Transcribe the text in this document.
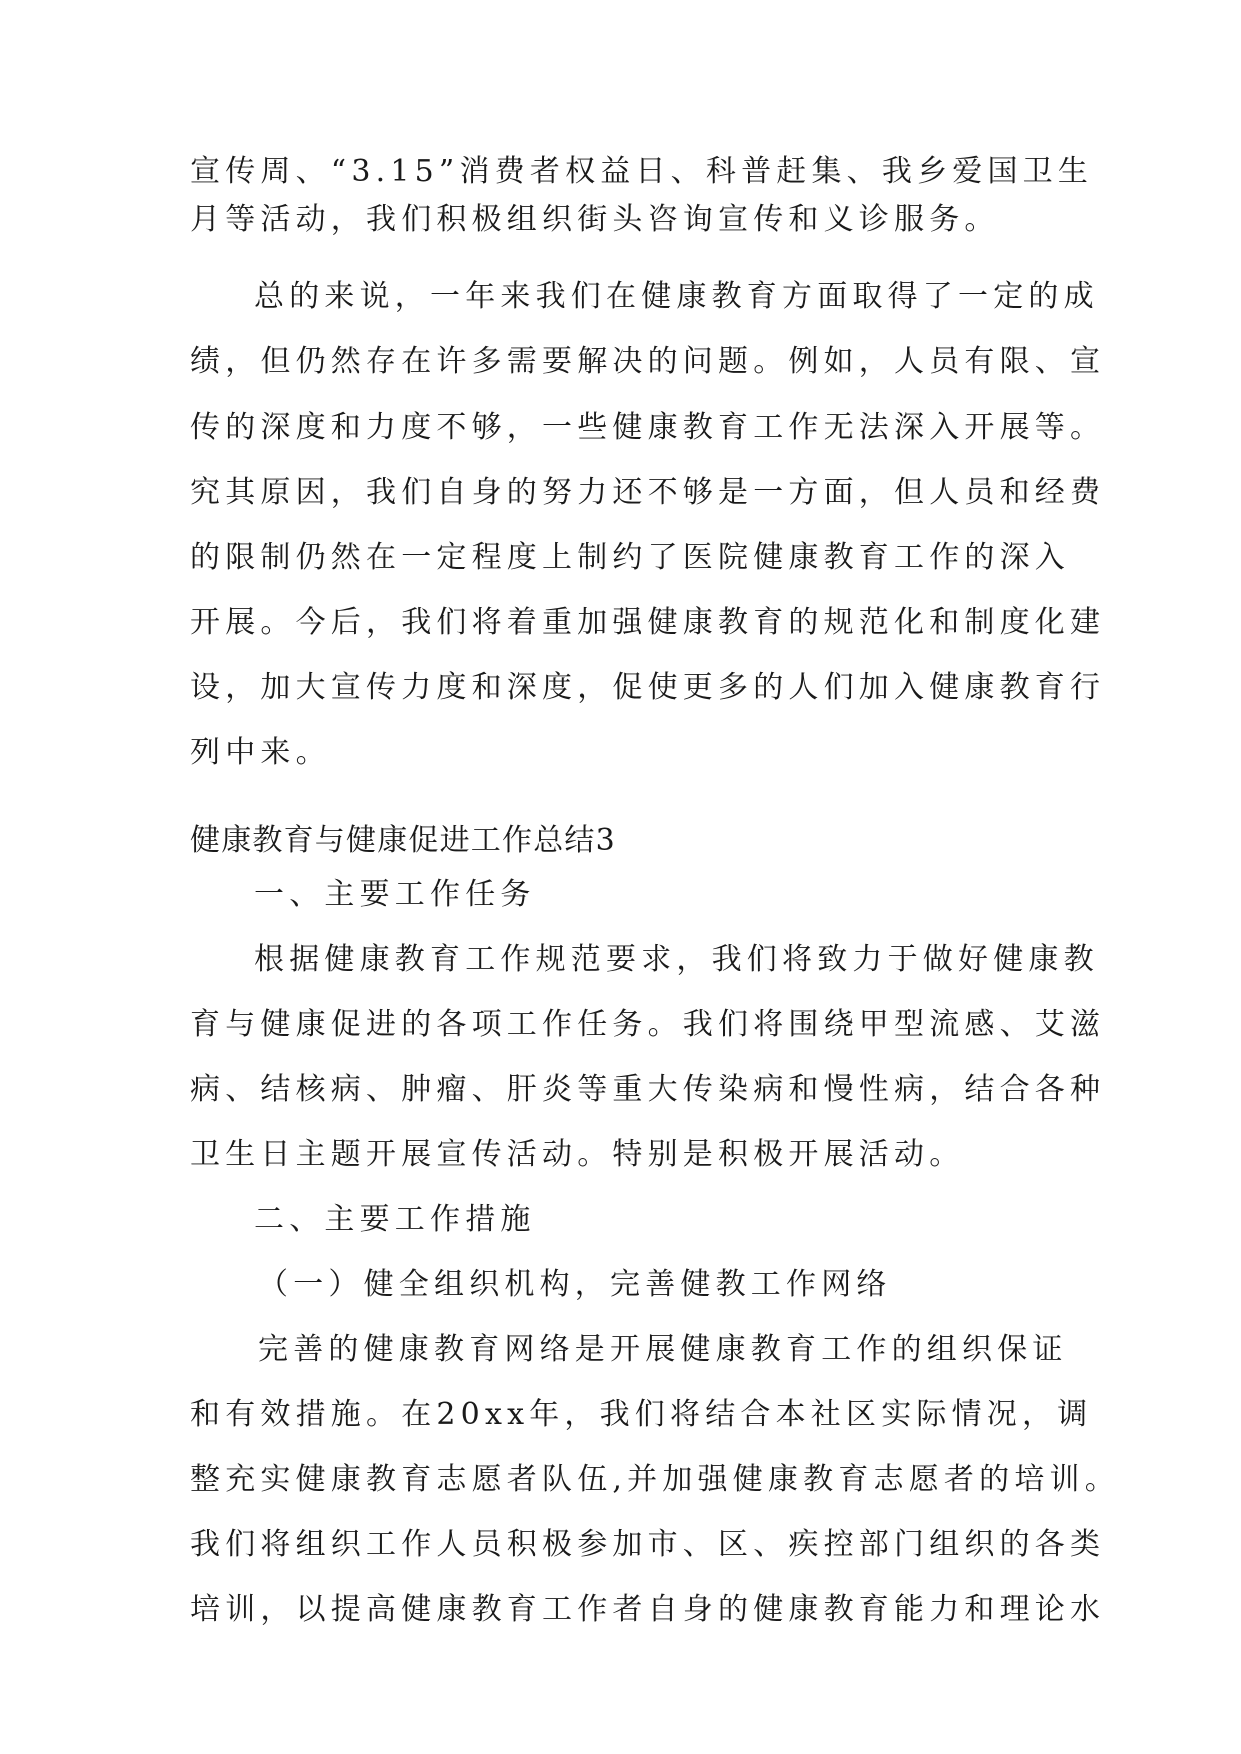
宣传周、“3.15”消费者权益日、科普赶集、我乡爱国卫生
月等活动，我们积极组织街头咨询宣传和义诊服务。
总的来说，一年来我们在健康教育方面取得了一定的成
绩，但仍然存在许多需要解决的问题。例如，人员有限、宣
传的深度和力度不够，一些健康教育工作无法深入开展等。
究其原因，我们自身的努力还不够是一方面，但人员和经费
的限制仍然在一定程度上制约了医院健康教育工作的深入
开展。今后，我们将着重加强健康教育的规范化和制度化建
设，加大宣传力度和深度，促使更多的人们加入健康教育行
列中来。
健康教育与健康促进工作总结3
一、主要工作任务
根据健康教育工作规范要求，我们将致力于做好健康教
育与健康促进的各项工作任务。我们将围绕甲型流感、艾滋
病、结核病、肿瘤、肝炎等重大传染病和慢性病，结合各种
卫生日主题开展宣传活动。特别是积极开展活动。
二、主要工作措施
（一）健全组织机构，完善健教工作网络
完善的健康教育网络是开展健康教育工作的组织保证
和有效措施。在20xx年，我们将结合本社区实际情况，调
整充实健康教育志愿者队伍,并加强健康教育志愿者的培训。
我们将组织工作人员积极参加市、区、疾控部门组织的各类
培训，以提高健康教育工作者自身的健康教育能力和理论水
